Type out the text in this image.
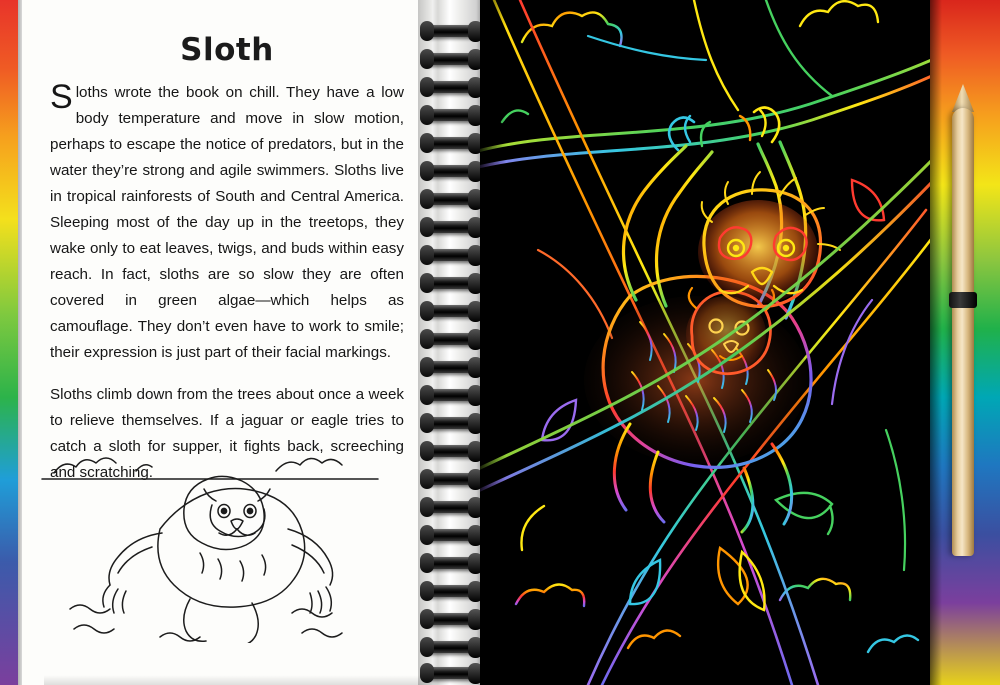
Sloth

Sloths wrote the book on chill. They have a low body temperature and move in slow motion, perhaps to escape the notice of predators, but in the water they’re strong and agile swimmers. Sloths live in tropical rainforests of South and Central America. Sleeping most of the day up in the treetops, they wake only to eat leaves, twigs, and buds within easy reach. In fact, sloths are so slow they are often covered in green algae—which helps as camouflage. They don’t even have to work to smile; their expression is just part of their facial markings.

Sloths climb down from the trees about once a week to relieve themselves. If a jaguar or eagle tries to catch a sloth for supper, it fights back, screeching and scratching.
